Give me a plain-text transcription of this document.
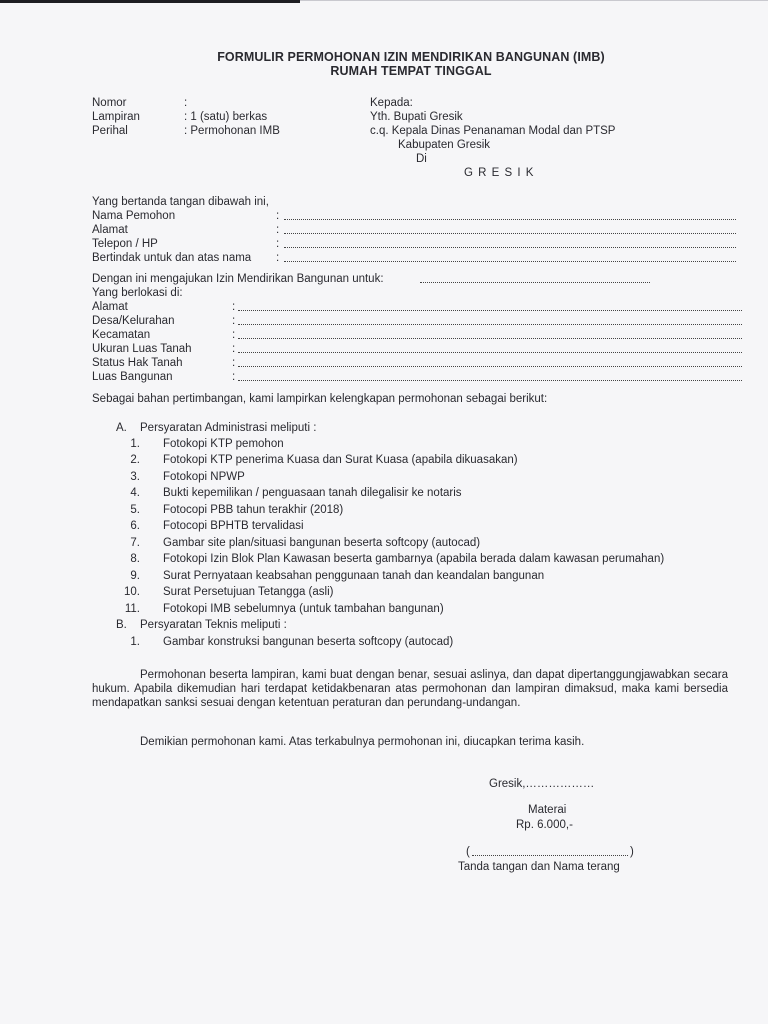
FORMULIR PERMOHONAN IZIN MENDIRIKAN BANGUNAN (IMB)
RUMAH TEMPAT TINGGAL
Nomor	:
Lampiran	: 1 (satu) berkas
Perihal	: Permohonan IMB
Kepada:
Yth. Bupati Gresik
c.q. Kepala Dinas Penanaman Modal dan PTSP
Kabupaten Gresik
Di
G R E S I K
Yang bertanda tangan dibawah ini,
Nama Pemohon	:
Alamat	:
Telepon / HP	:
Bertindak untuk dan atas nama :
Dengan ini mengajukan Izin Mendirikan Bangunan untuk:
Yang berlokasi di:
Alamat	:
Desa/Kelurahan	:
Kecamatan	:
Ukuran Luas Tanah	:
Status Hak Tanah	:
Luas Bangunan	:
Sebagai bahan pertimbangan, kami lampirkan kelengkapan permohonan sebagai berikut:
A. Persyaratan Administrasi meliputi :
1. Fotokopi KTP pemohon
2. Fotokopi KTP penerima Kuasa dan Surat Kuasa (apabila dikuasakan)
3. Fotokopi NPWP
4. Bukti kepemilikan / penguasaan tanah dilegalisir ke notaris
5. Fotocopi PBB tahun terakhir (2018)
6. Fotocopi BPHTB tervalidasi
7. Gambar site plan/situasi bangunan beserta softcopy (autocad)
8. Fotokopi Izin Blok Plan Kawasan beserta gambarnya (apabila berada dalam kawasan perumahan)
9. Surat Pernyataan keabsahan penggunaan tanah dan keandalan bangunan
10. Surat Persetujuan Tetangga (asli)
11. Fotokopi IMB sebelumnya (untuk tambahan bangunan)
B. Persyaratan Teknis meliputi :
1. Gambar konstruksi bangunan beserta softcopy (autocad)
Permohonan beserta lampiran, kami buat dengan benar, sesuai aslinya, dan dapat dipertanggungjawabkan secara hukum. Apabila dikemudian hari terdapat ketidakbenaran atas permohonan dan lampiran dimaksud, maka kami bersedia mendapatkan sanksi sesuai dengan ketentuan peraturan dan perundang-undangan.
Demikian permohonan kami. Atas terkabulnya permohonan ini, diucapkan terima kasih.
Gresik,………………
Materai
Rp. 6.000,-
(	)
Tanda tangan dan Nama terang
